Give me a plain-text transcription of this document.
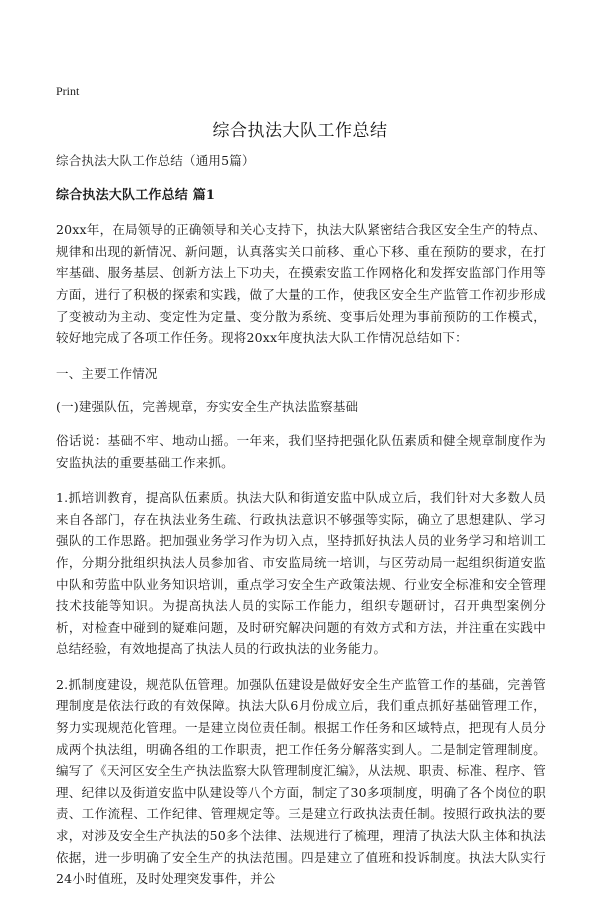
Print
综合执法大队工作总结

综合执法大队工作总结（通用5篇）

综合执法大队工作总结 篇1

20xx年，在局领导的正确领导和关心支持下，执法大队紧密结合我区安全生产的特点、规律和出现的新情况、新问题，认真落实关口前移、重心下移、重在预防的要求，在打牢基础、服务基层、创新方法上下功夫，在摸索安监工作网格化和发挥安监部门作用等方面，进行了积极的探索和实践，做了大量的工作，使我区安全生产监管工作初步形成了变被动为主动、变定性为定量、变分散为系统、变事后处理为事前预防的工作模式，较好地完成了各项工作任务。现将20xx年度执法大队工作情况总结如下：

一、主要工作情况

(一)建强队伍，完善规章，夯实安全生产执法监察基础

俗话说：基础不牢、地动山摇。一年来，我们坚持把强化队伍素质和健全规章制度作为安监执法的重要基础工作来抓。

1.抓培训教育，提高队伍素质。执法大队和街道安监中队成立后，我们针对大多数人员来自各部门，存在执法业务生疏、行政执法意识不够强等实际，确立了思想建队、学习强队的工作思路。把加强业务学习作为切入点，坚持抓好执法人员的业务学习和培训工作，分期分批组织执法人员参加省、市安监局统一培训，与区劳动局一起组织街道安监中队和劳监中队业务知识培训，重点学习安全生产政策法规、行业安全标准和安全管理技术技能等知识。为提高执法人员的实际工作能力，组织专题研讨，召开典型案例分析，对检查中碰到的疑难问题，及时研究解决问题的有效方式和方法，并注重在实践中总结经验，有效地提高了执法人员的行政执法的业务能力。

2.抓制度建设，规范队伍管理。加强队伍建设是做好安全生产监管工作的基础，完善管理制度是依法行政的有效保障。执法大队6月份成立后，我们重点抓好基础管理工作，努力实现规范化管理。一是建立岗位责任制。根据工作任务和区域特点，把现有人员分成两个执法组，明确各组的工作职责，把工作任务分解落实到人。二是制定管理制度。编写了《天河区安全生产执法监察大队管理制度汇编》，从法规、职责、标准、程序、管理、纪律以及街道安监中队建设等八个方面，制定了30多项制度，明确了各个岗位的职责、工作流程、工作纪律、管理规定等。三是建立行政执法责任制。按照行政执法的要求，对涉及安全生产执法的50多个法律、法规进行了梳理，理清了执法大队主体和执法依据，进一步明确了安全生产的执法范围。四是建立了值班和投诉制度。执法大队实行24小时值班，及时处理突发事件，并公
